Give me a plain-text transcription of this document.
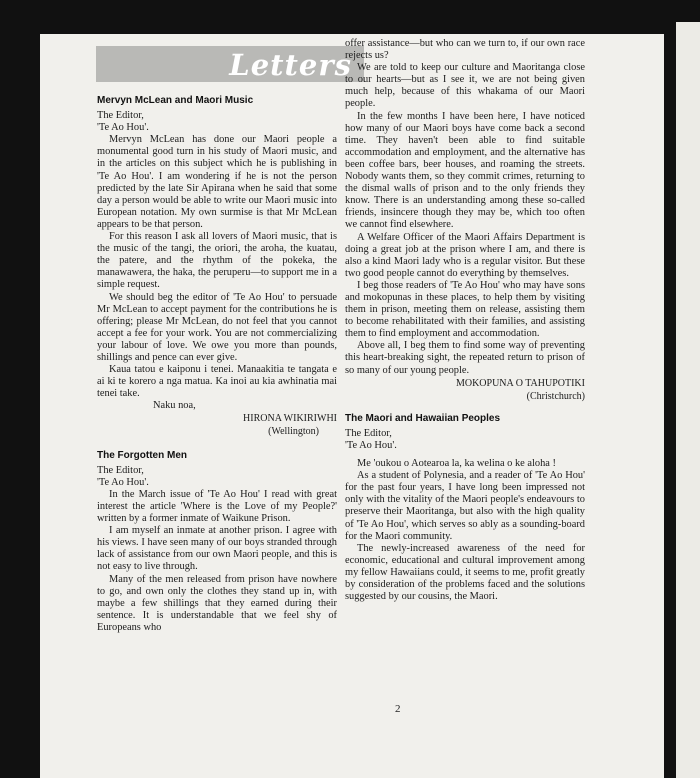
Letters
Mervyn McLean and Maori Music

The Editor,

'Te Ao Hou'.

Mervyn McLean has done our Maori people a monumental good turn in his study of Maori music, and in the articles on this subject which he is publishing in 'Te Ao Hou'. I am wondering if he is not the person predicted by the late Sir Apirana when he said that some day a person would be able to write our Maori music into European notation. My own surmise is that Mr McLean appears to be that person.

For this reason I ask all lovers of Maori music, that is the music of the tangi, the oriori, the aroha, the kuatau, the patere, and the rhythm of the pokeka, the manawawera, the haka, the peruperu—to support me in a simple request.

We should beg the editor of 'Te Ao Hou' to persuade Mr McLean to accept payment for the contributions he is offering; please Mr McLean, do not feel that you cannot accept a fee for your work. You are not commercializing your labour of love. We owe you more than pounds, shillings and pence can ever give.

Kaua tatou e kaiponu i tenei. Manaakitia te tangata e ai ki te korero a nga matua. Ka inoi au kia awhinatia mai tenei take.

Naku noa,

HIRONA WIKIRIWHI
(Wellington)
The Forgotten Men

The Editor,

'Te Ao Hou'.

In the March issue of 'Te Ao Hou' I read with great interest the article 'Where is the Love of my People?' written by a former inmate of Waikune Prison.

I am myself an inmate at another prison. I agree with his views. I have seen many of our boys stranded through lack of assistance from our own Maori people, and this is not easy to live through.

Many of the men released from prison have nowhere to go, and own only the clothes they stand up in, with maybe a few shillings that they earned during their sentence. It is understandable that we feel shy of Europeans who

offer assistance—but who can we turn to, if our own race rejects us?

We are told to keep our culture and Maoritanga close to our hearts—but as I see it, we are not being given much help, because of this whakama of our Maori people.

In the few months I have been here, I have noticed how many of our Maori boys have come back a second time. They haven't been able to find suitable accommodation and employment, and the alternative has been coffee bars, beer houses, and roaming the streets. Nobody wants them, so they commit crimes, returning to the dismal walls of prison and to the only friends they know. There is an understanding among these so-called friends, insincere though they may be, which too often we cannot find elsewhere.

A Welfare Officer of the Maori Affairs Department is doing a great job at the prison where I am, and there is also a kind Maori lady who is a regular visitor. But these two good people cannot do everything by themselves.

I beg those readers of 'Te Ao Hou' who may have sons and mokopunas in these places, to help them by visiting them in prison, meeting them on release, assisting them to become rehabilitated with their families, and assisting them to find employment and accommodation.

Above all, I beg them to find some way of preventing this heart-breaking sight, the repeated return to prison of so many of our young people.

MOKOPUNA O TAHUPOTIKI
(Christchurch)
The Maori and Hawaiian Peoples

The Editor,

'Te Ao Hou'.

Me 'oukou o Aotearoa la, ka welina o ke aloha !

As a student of Polynesia, and a reader of 'Te Ao Hou' for the past four years, I have long been impressed not only with the vitality of the Maori people's endeavours to preserve their Maoritanga, but also with the high quality of 'Te Ao Hou', which serves so ably as a sounding-board for the Maori community.

The newly-increased awareness of the need for economic, educational and cultural improvement among my fellow Hawaiians could, it seems to me, profit greatly by consideration of the problems faced and the solutions suggested by our cousins, the Maori.

2
